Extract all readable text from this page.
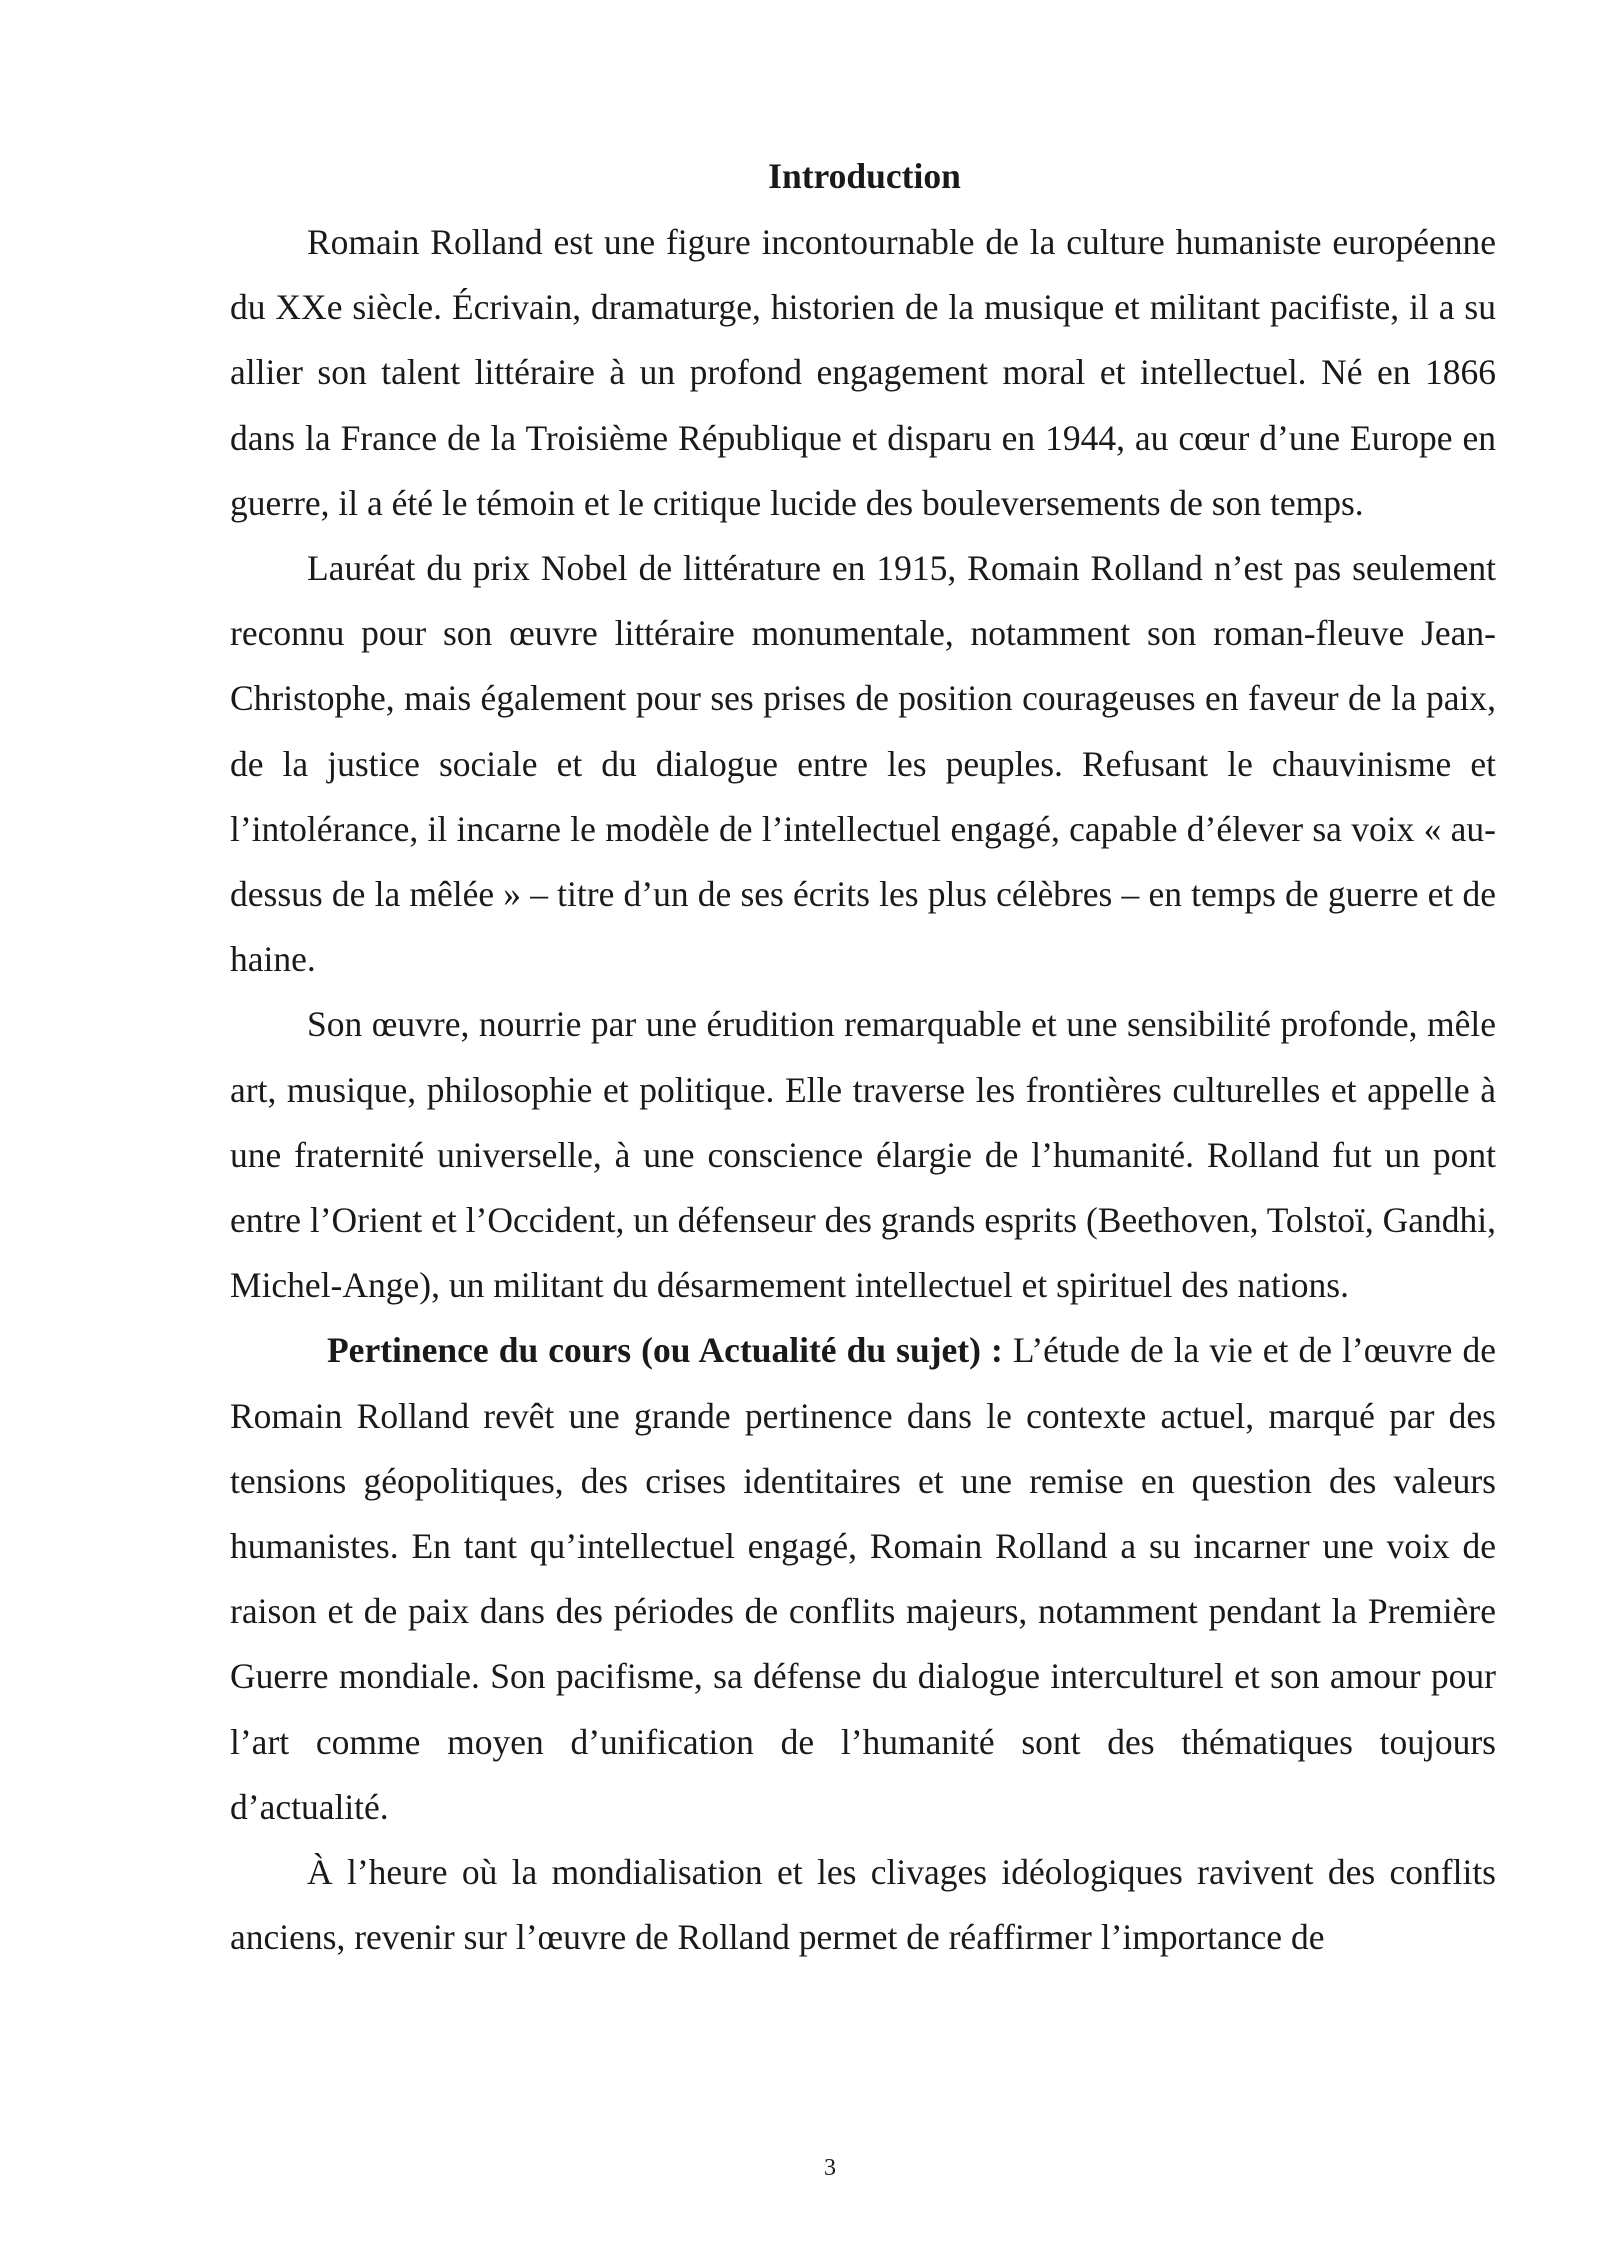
Introduction

Romain Rolland est une figure incontournable de la culture humaniste européenne du XXe siècle. Écrivain, dramaturge, historien de la musique et militant pacifiste, il a su allier son talent littéraire à un profond engagement moral et intellectuel. Né en 1866 dans la France de la Troisième République et disparu en 1944, au cœur d’une Europe en guerre, il a été le témoin et le critique lucide des bouleversements de son temps.

Lauréat du prix Nobel de littérature en 1915, Romain Rolland n’est pas seulement reconnu pour son œuvre littéraire monumentale, notamment son roman-fleuve Jean-Christophe, mais également pour ses prises de position courageuses en faveur de la paix, de la justice sociale et du dialogue entre les peuples. Refusant le chauvinisme et l’intolérance, il incarne le modèle de l’intellectuel engagé, capable d’élever sa voix « au-dessus de la mêlée » – titre d’un de ses écrits les plus célèbres – en temps de guerre et de haine.

Son œuvre, nourrie par une érudition remarquable et une sensibilité profonde, mêle art, musique, philosophie et politique. Elle traverse les frontières culturelles et appelle à une fraternité universelle, à une conscience élargie de l’humanité. Rolland fut un pont entre l’Orient et l’Occident, un défenseur des grands esprits (Beethoven, Tolstoï, Gandhi, Michel-Ange), un militant du désarmement intellectuel et spirituel des nations.

Pertinence du cours (ou Actualité du sujet) : L’étude de la vie et de l’œuvre de Romain Rolland revêt une grande pertinence dans le contexte actuel, marqué par des tensions géopolitiques, des crises identitaires et une remise en question des valeurs humanistes. En tant qu’intellectuel engagé, Romain Rolland a su incarner une voix de raison et de paix dans des périodes de conflits majeurs, notamment pendant la Première Guerre mondiale. Son pacifisme, sa défense du dialogue interculturel et son amour pour l’art comme moyen d’unification de l’humanité sont des thématiques toujours d’actualité.

À l’heure où la mondialisation et les clivages idéologiques ravivent des conflits anciens, revenir sur l’œuvre de Rolland permet de réaffirmer l’importance de

3
